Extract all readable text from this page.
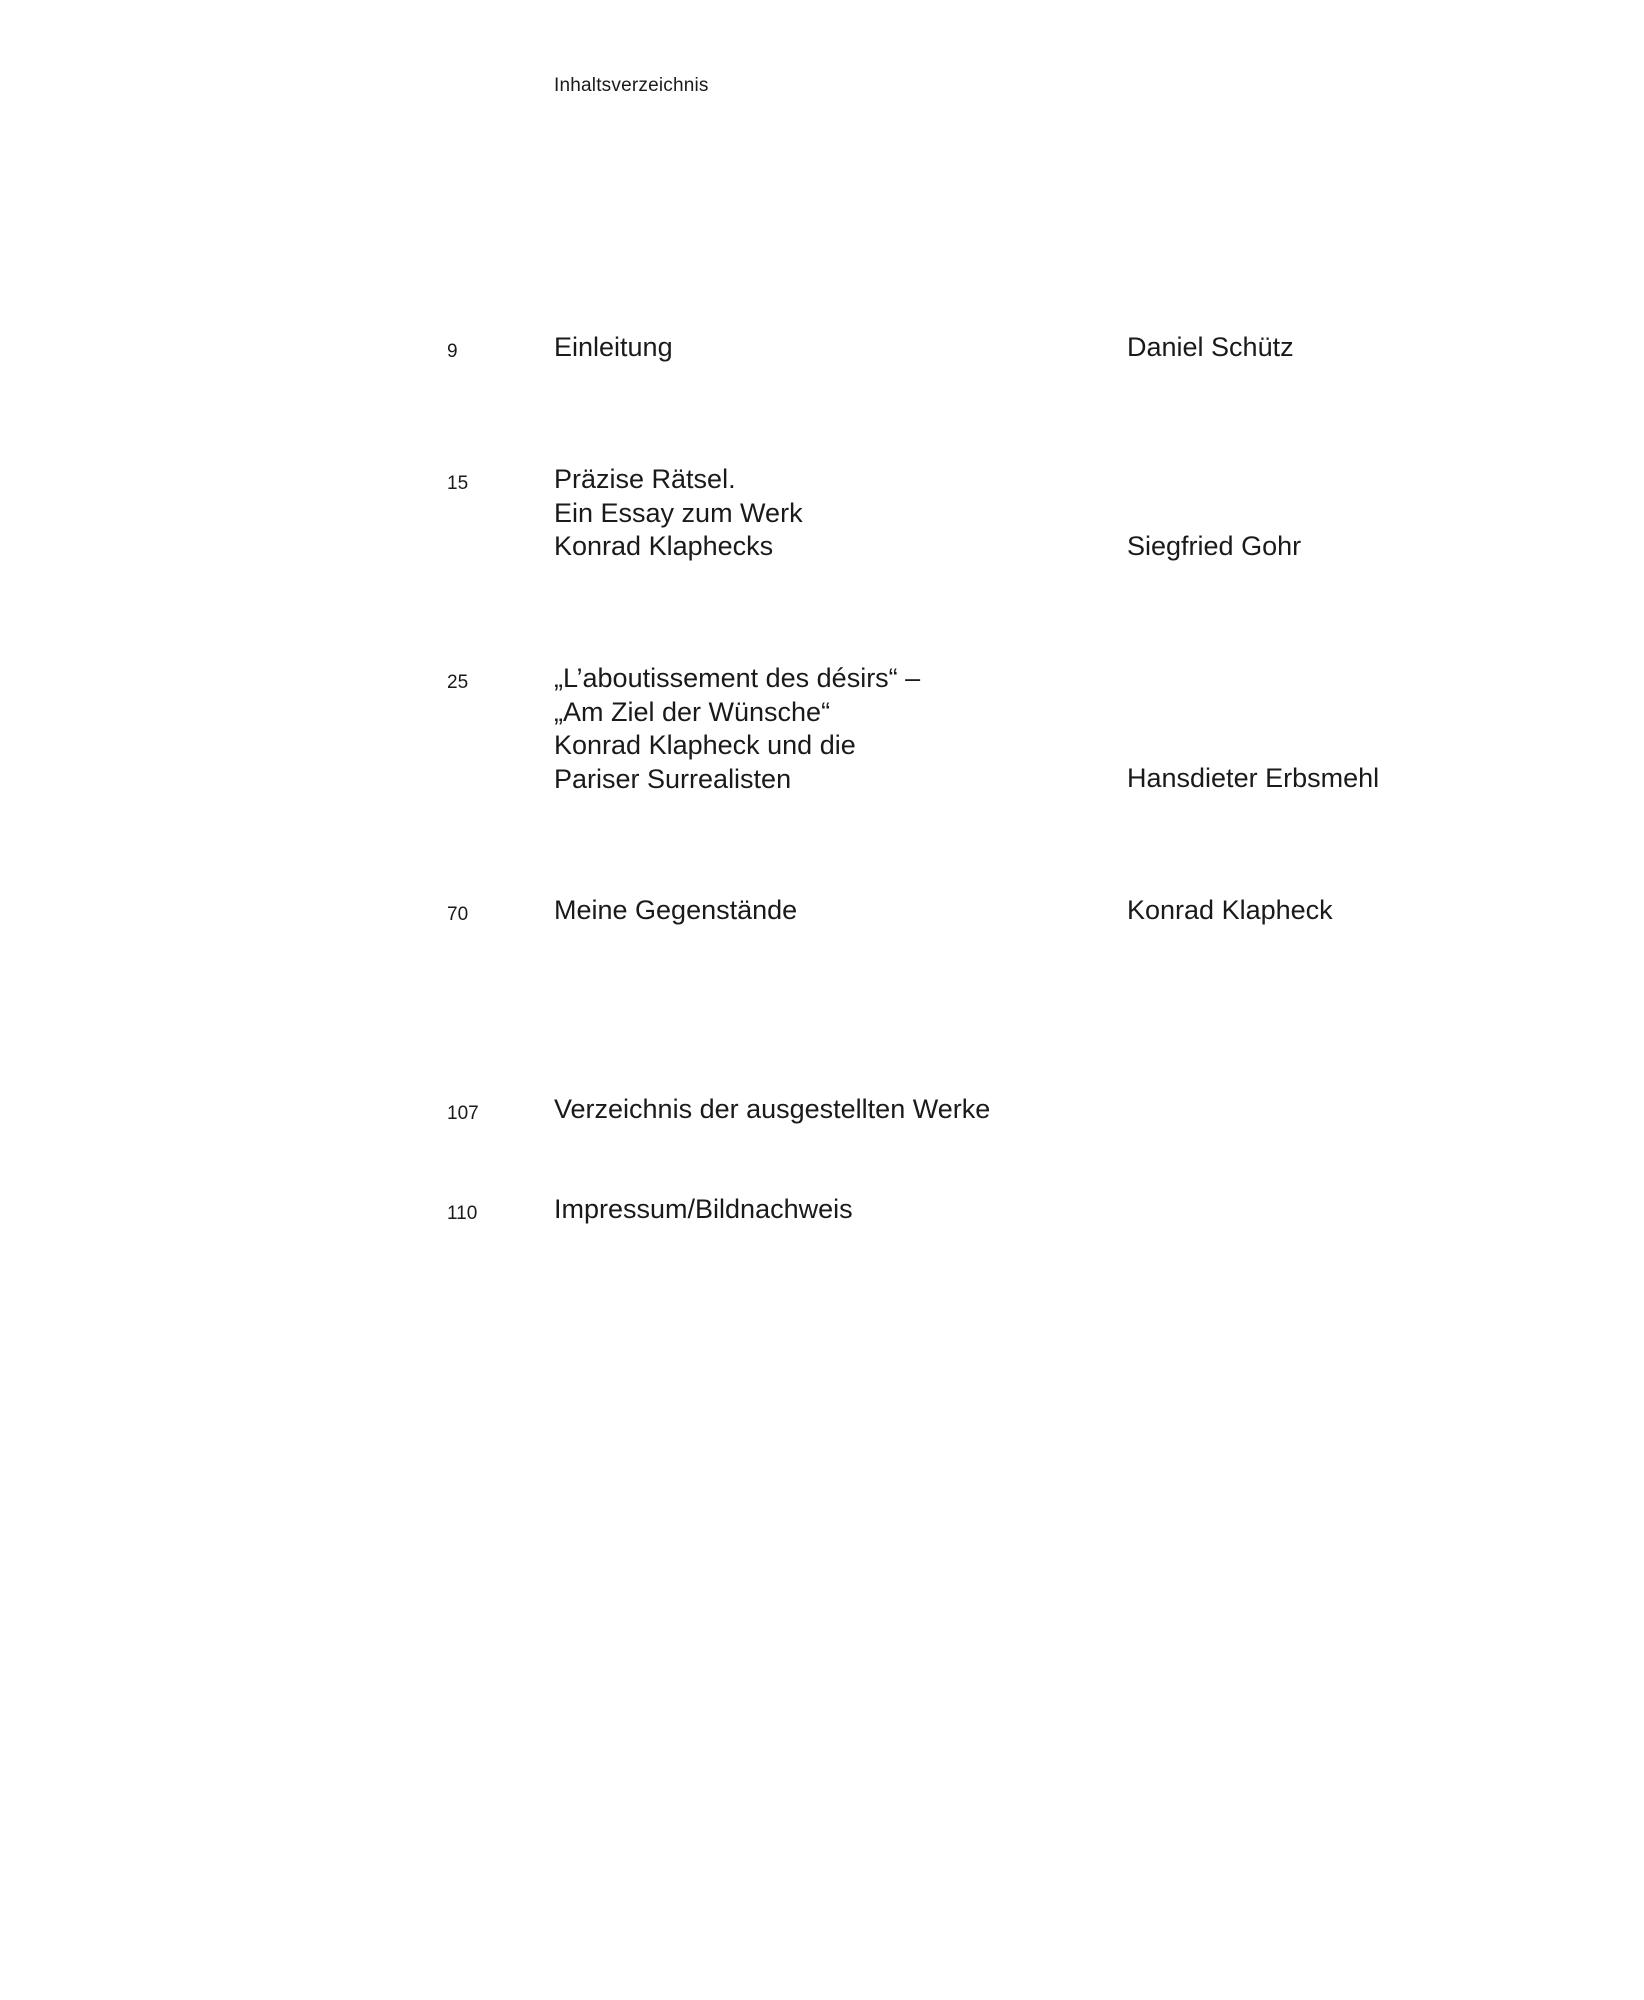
Inhaltsverzeichnis
9	Einleitung	Daniel Schütz
15	Präzise Rätsel.
Ein Essay zum Werk
Konrad Klaphecks	Siegfried Gohr
25	„L’aboutissement des désirs“ –
„Am Ziel der Wünsche“
Konrad Klapheck und die
Pariser Surrealisten	Hansdieter Erbsmehl
70	Meine Gegenstände	Konrad Klapheck
107	Verzeichnis der ausgestellten Werke
110	Impressum/Bildnachweis
